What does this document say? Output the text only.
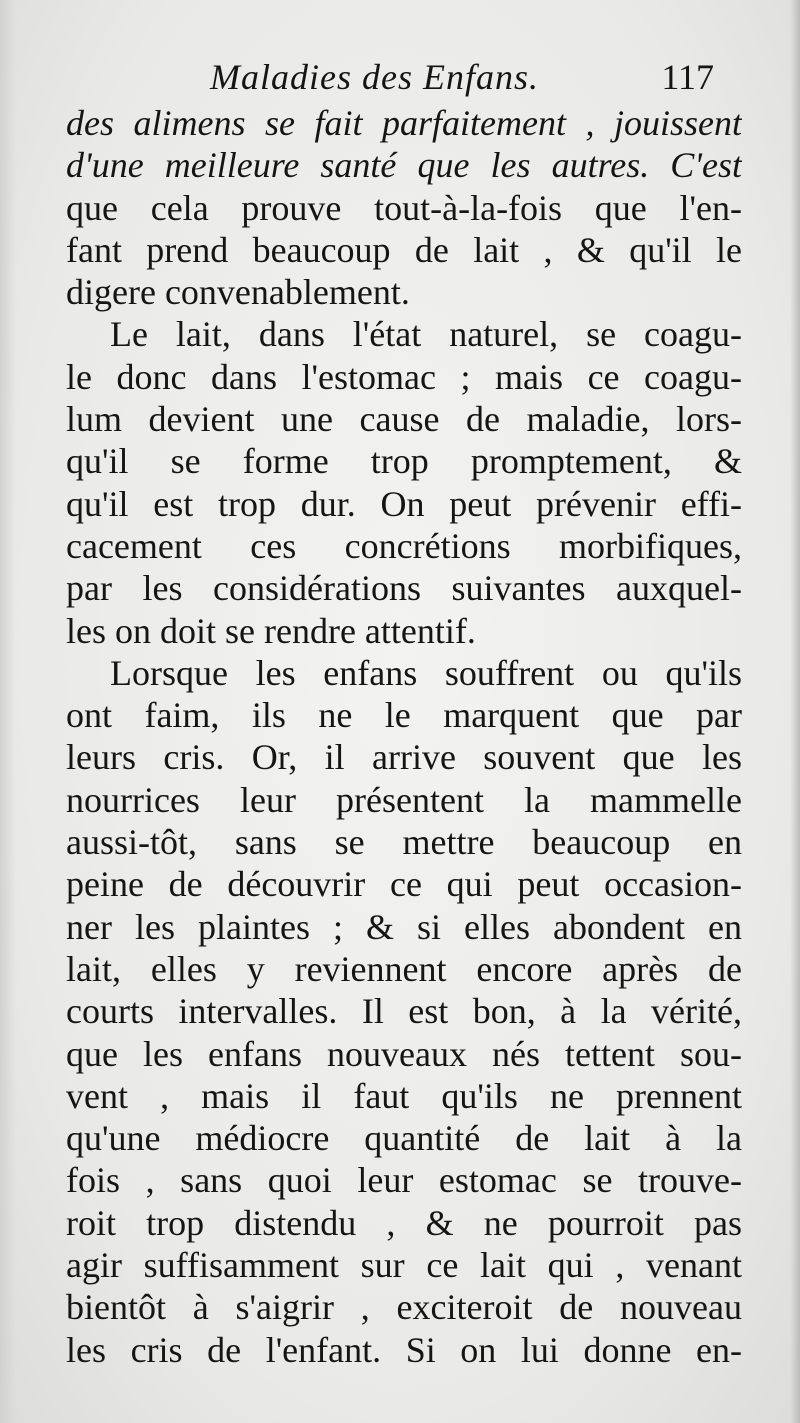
Maladies des Enfans.	117
des alimens se fait parfaitement , jouissent
d'une meilleure santé que les autres. C'est
que cela prouve tout-à-la-fois que l'en-
fant prend beaucoup de lait , & qu'il le
digere convenablement.
Le lait, dans l'état naturel, se coagu-
le donc dans l'estomac ; mais ce coagu-
lum devient une cause de maladie, lors-
qu'il se forme trop promptement, &
qu'il est trop dur. On peut prévenir effi-
cacement ces concrétions morbifiques,
par les considérations suivantes auxquel-
les on doit se rendre attentif.
Lorsque les enfans souffrent ou qu'ils
ont faim, ils ne le marquent que par
leurs cris. Or, il arrive souvent que les
nourrices leur présentent la mammelle
aussi-tôt, sans se mettre beaucoup en
peine de découvrir ce qui peut occasion-
ner les plaintes ; & si elles abondent en
lait, elles y reviennent encore après de
courts intervalles. Il est bon, à la vérité,
que les enfans nouveaux nés tettent sou-
vent , mais il faut qu'ils ne prennent
qu'une médiocre quantité de lait à la
fois , sans quoi leur estomac se trouve-
roit trop distendu , & ne pourroit pas
agir suffisamment sur ce lait qui , venant
bientôt à s'aigrir , exciteroit de nouveau
les cris de l'enfant. Si on lui donne en-
